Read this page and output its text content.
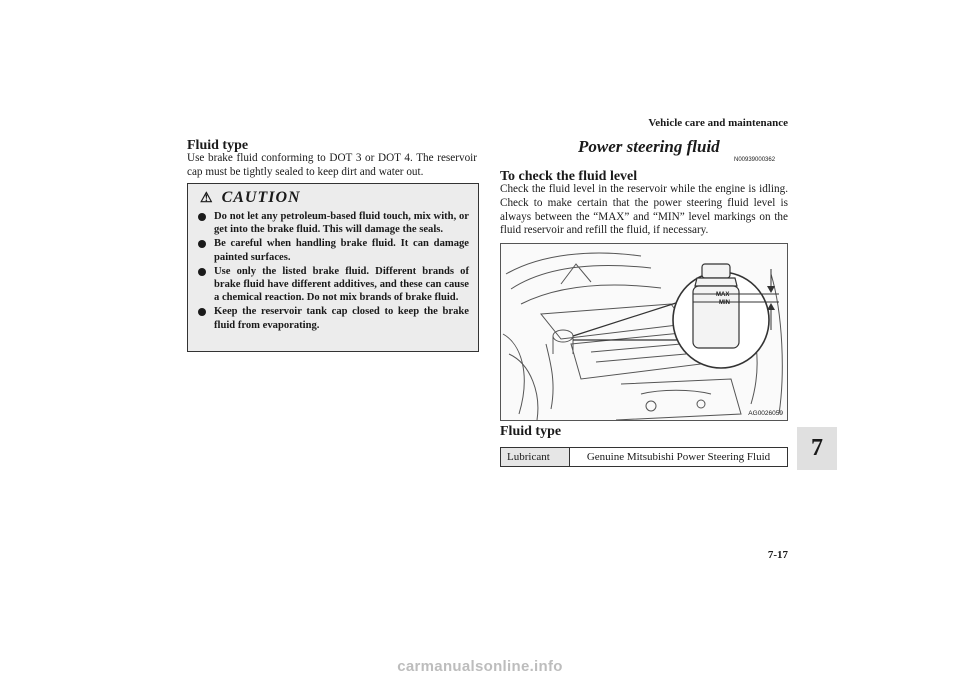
Vehicle care and maintenance
Fluid type
Use brake fluid conforming to DOT 3 or DOT 4. The reservoir cap must be tightly sealed to keep dirt and water out.
⚠ CAUTION
Do not let any petroleum-based fluid touch, mix with, or get into the brake fluid. This will damage the seals.
Be careful when handling brake fluid. It can damage painted surfaces.
Use only the listed brake fluid. Different brands of brake fluid have different additives, and these can cause a chemical reaction. Do not mix brands of brake fluid.
Keep the reservoir tank cap closed to keep the brake fluid from evaporating.
Power steering fluid
N00939000362
To check the fluid level
Check the fluid level in the reservoir while the engine is idling. Check to make certain that the power steering fluid level is always between the “MAX” and “MIN” level markings on the fluid reservoir and refill the fluid, if necessary.
MAX
MIN
AG0026059
Fluid type
Lubricant	Genuine Mitsubishi Power Steering Fluid	7
7-17
carmanualsonline.info
